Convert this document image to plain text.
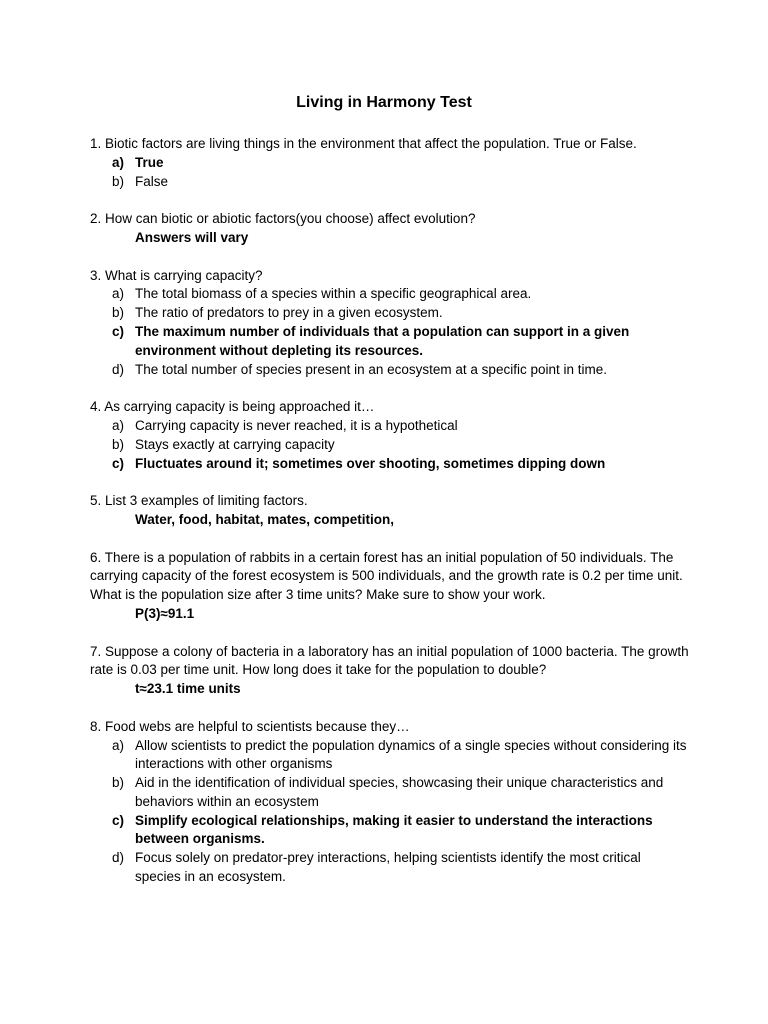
Living in Harmony Test

1. Biotic factors are living things in the environment that affect the population. True or False.

a) True
b) False

2. How can biotic or abiotic factors(you choose) affect evolution?

Answers will vary

3. What is carrying capacity?

a) The total biomass of a species within a specific geographical area.
b) The ratio of predators to prey in a given ecosystem.
c) The maximum number of individuals that a population can support in a given environment without depleting its resources.
d) The total number of species present in an ecosystem at a specific point in time.

4. As carrying capacity is being approached it…

a) Carrying capacity is never reached, it is a hypothetical
b) Stays exactly at carrying capacity
c) Fluctuates around it; sometimes over shooting, sometimes dipping down

5. List 3 examples of limiting factors.

Water, food, habitat, mates, competition,

6. There is a population of rabbits in a certain forest has an initial population of 50 individuals. The carrying capacity of the forest ecosystem is 500 individuals, and the growth rate is 0.2 per time unit. What is the population size after 3 time units? Make sure to show your work.

P(3)≈91.1

7. Suppose a colony of bacteria in a laboratory has an initial population of 1000 bacteria. The growth rate is 0.03 per time unit. How long does it take for the population to double?

t≈23.1 time units

8. Food webs are helpful to scientists because they…

a) Allow scientists to predict the population dynamics of a single species without considering its interactions with other organisms
b) Aid in the identification of individual species, showcasing their unique characteristics and behaviors within an ecosystem
c) Simplify ecological relationships, making it easier to understand the interactions between organisms.
d) Focus solely on predator-prey interactions, helping scientists identify the most critical species in an ecosystem.
